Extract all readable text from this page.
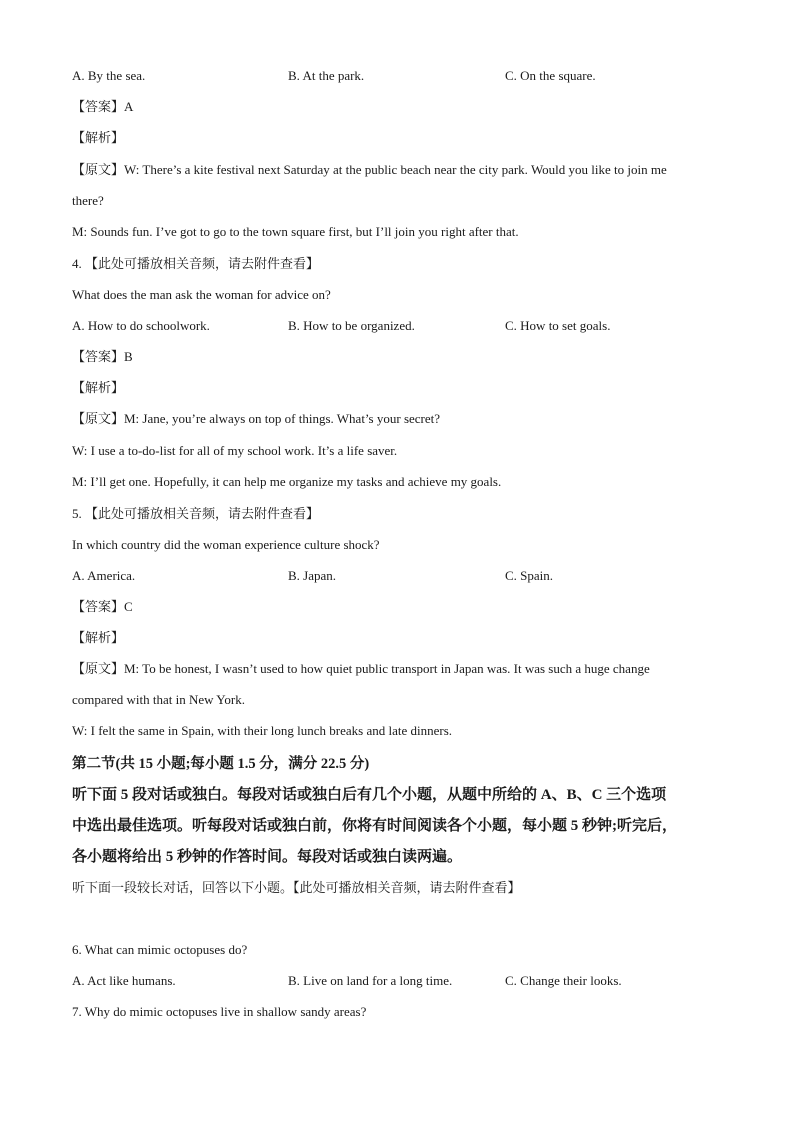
A. By the sea.	B. At the park.	C. On the square.
【答案】A
【解析】
【原文】W: There’s a kite festival next Saturday at the public beach near the city park. Would you like to join me
there?
M: Sounds fun. I’ve got to go to the town square first, but I’ll join you right after that.
4. 【此处可播放相关音频，请去附件查看】
What does the man ask the woman for advice on?
A. How to do schoolwork.	B. How to be organized.	C. How to set goals.
【答案】B
【解析】
【原文】M: Jane, you’re always on top of things. What’s your secret?
W: I use a to-do-list for all of my school work. It’s a life saver.
M: I’ll get one. Hopefully, it can help me organize my tasks and achieve my goals.
5. 【此处可播放相关音频，请去附件查看】
In which country did the woman experience culture shock?
A. America.	B. Japan.	C. Spain.
【答案】C
【解析】
【原文】M: To be honest, I wasn’t used to how quiet public transport in Japan was. It was such a huge change
compared with that in New York.
W: I felt the same in Spain, with their long lunch breaks and late dinners.
第二节(共 15 小题;每小题 1.5 分，满分 22.5 分)
听下面 5 段对话或独白。每段对话或独白后有几个小题，从题中所给的 A、B、C 三个选项
中选出最佳选项。听每段对话或独白前，你将有时间阅读各个小题，每小题 5 秒钟;听完后，
各小题将给出 5 秒钟的作答时间。每段对话或独白读两遍。
听下面一段较长对话，回答以下小题。【此处可播放相关音频，请去附件查看】
6. What can mimic octopuses do?
A. Act like humans.	B. Live on land for a long time.	C. Change their looks.
7. Why do mimic octopuses live in shallow sandy areas?
